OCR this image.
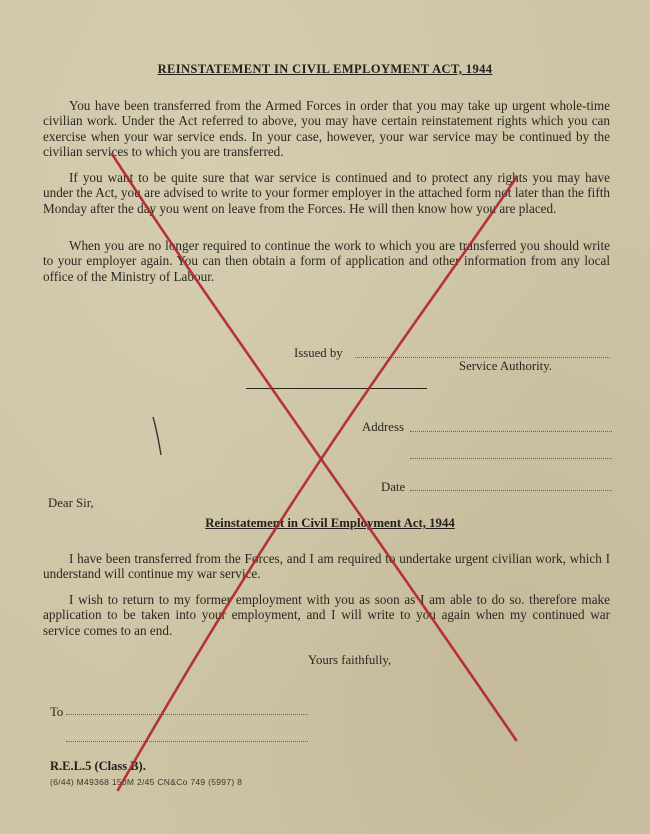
REINSTATEMENT IN CIVIL EMPLOYMENT ACT, 1944
You have been transferred from the Armed Forces in order that you may take up urgent whole-time civilian work. Under the Act referred to above, you may have certain reinstatement rights which you can exercise when your war service ends. In your case, however, your war service may be continued by the civilian services to which you are transferred.
If you want to be quite sure that war service is continued and to protect any rights you may have under the Act, you are advised to write to your former employer in the attached form not later than the fifth Monday after the day you went on leave from the Forces. He will then know how you are placed.
When you are no longer required to continue the work to which you are transferred you should write to your employer again. You can then obtain a form of application and other information from any local office of the Ministry of Labour.
Issued by
Service Authority.
Address
Date
Dear Sir,
Reinstatement in Civil Employment Act, 1944
I have been transferred from the Forces, and I am required to undertake urgent civilian work, which I understand will continue my war service.
I wish to return to my former employment with you as soon as I am able to do so. therefore make application to be taken into your employment, and I will write to you again when my continued war service comes to an end.
Yours faithfully,
To
R.E.L.5 (Class B).
(6/44) M49368 150M 2/45 CN&Co 749 (5997) 8
